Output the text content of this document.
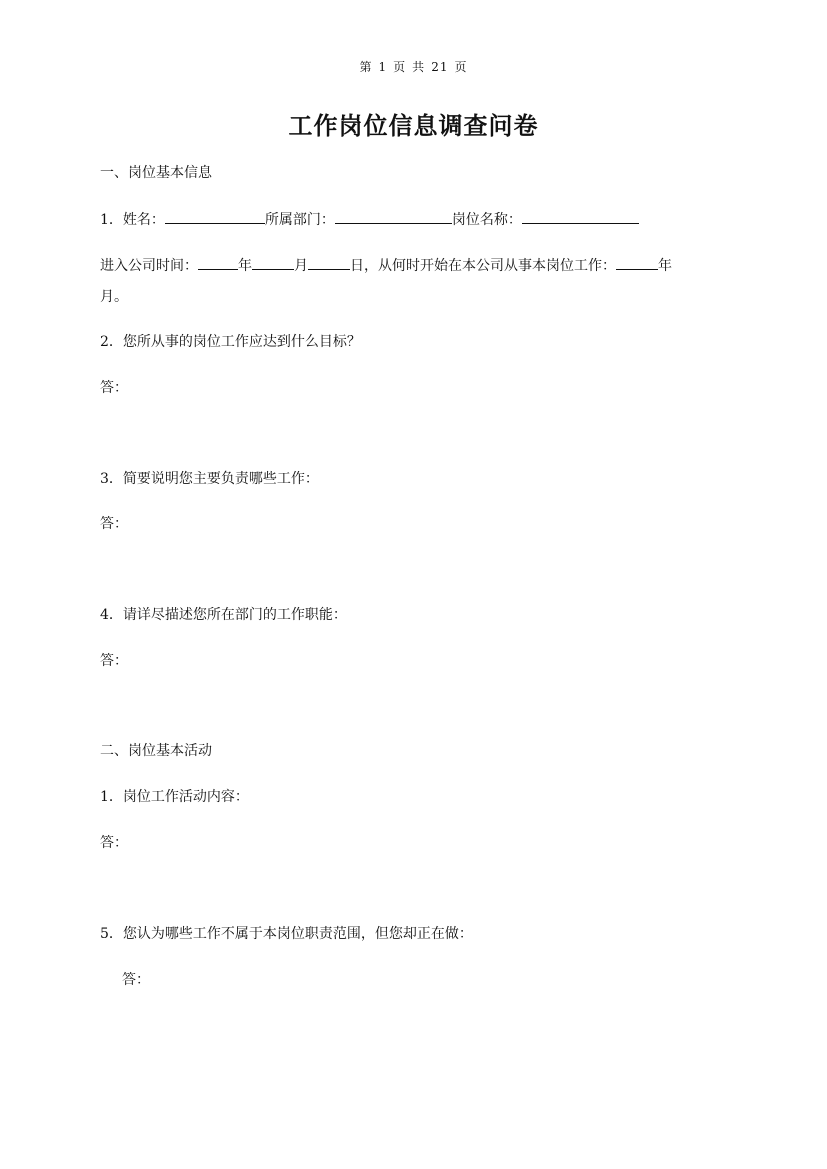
第 1 页 共 21 页
工作岗位信息调查问卷
一、岗位基本信息
1．姓名：	所属部门：	岗位名称：
进入公司时间：	年	月	日，从何时开始在本公司从事本岗位工作：	年
月。
2．您所从事的岗位工作应达到什么目标？
答：
3．简要说明您主要负责哪些工作：
答：
4．请详尽描述您所在部门的工作职能：
答：
二、岗位基本活动
1．岗位工作活动内容：
答：
5．您认为哪些工作不属于本岗位职责范围，但您却正在做：
答：
